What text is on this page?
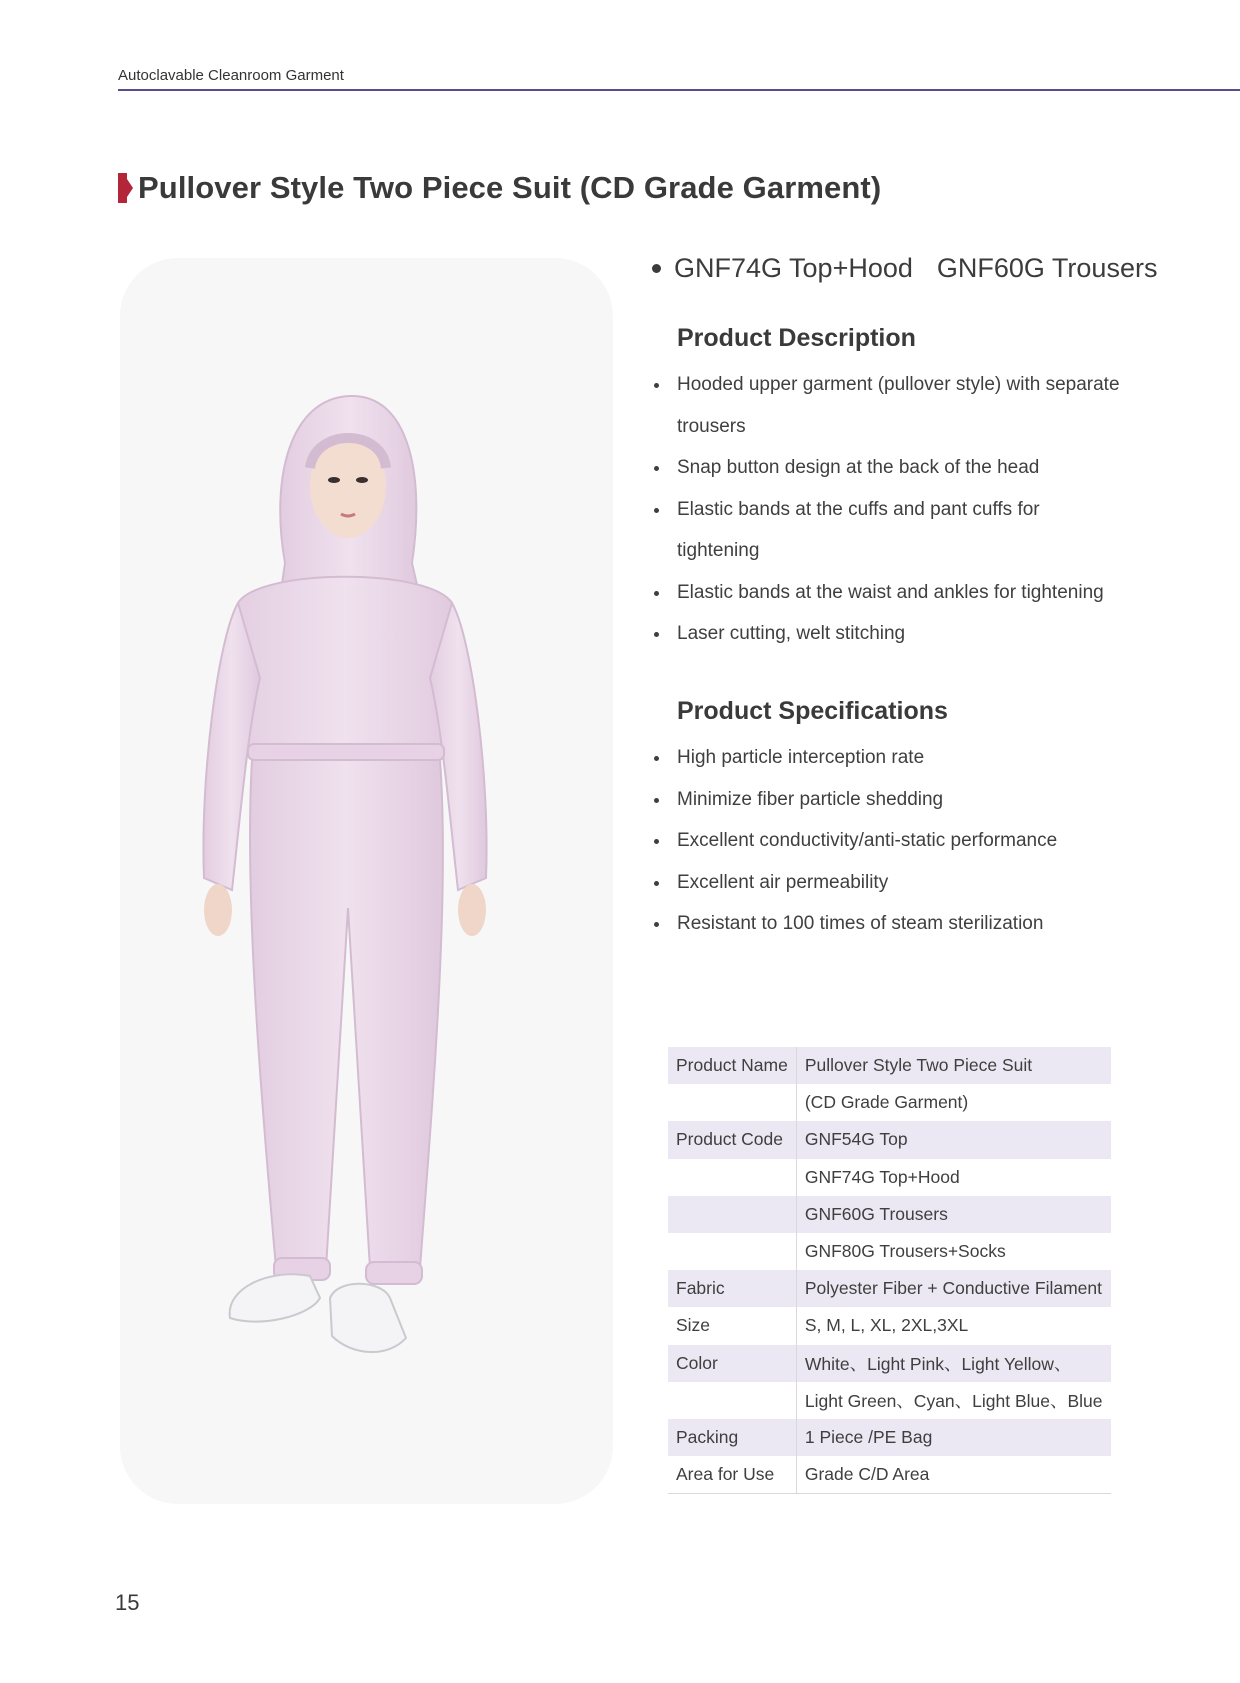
Autoclavable Cleanroom Garment
Pullover Style Two Piece Suit (CD Grade Garment)
GNF74G Top+Hood GNF60G Trousers
Product Description
Hooded upper garment (pullover style) with separate trousers
Snap button design at the back of the head
Elastic bands at the cuffs and pant cuffs for tightening
Elastic bands at the waist and ankles for tightening
Laser cutting, welt stitching
Product Specifications
High particle interception rate
Minimize fiber particle shedding
Excellent conductivity/anti-static performance
Excellent air permeability
Resistant to 100 times of steam sterilization
Product Name	Pullover Style Two Piece Suit
	(CD Grade Garment)
Product Code	GNF54G Top
	GNF74G Top+Hood
	GNF60G Trousers
	GNF80G Trousers+Socks
Fabric	Polyester Fiber + Conductive Filament
Size	S, M, L, XL, 2XL,3XL
Color	White、Light Pink、Light Yellow、
	Light Green、Cyan、Light Blue、Blue
Packing	1 Piece /PE Bag
Area for Use	Grade C/D Area
15
